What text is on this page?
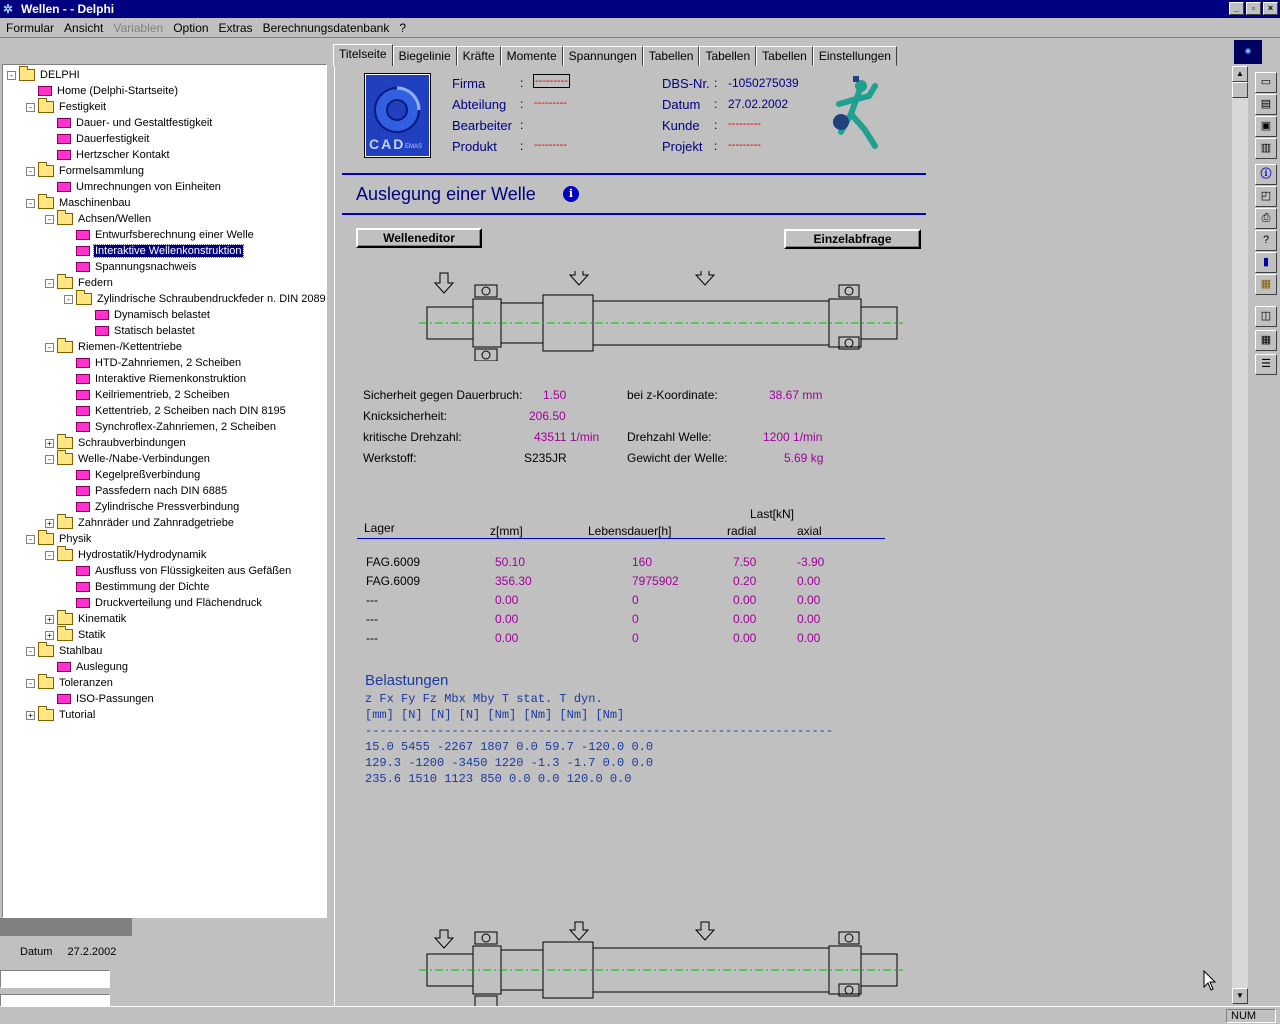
✲ Wellen - - Delphi	_	▫	×
Formular Ansicht Variablen Option Extras Berechnungsdatenbank ?
- DELPHI
Home (Delphi-Startseite)
- Festigkeit
Dauer- und Gestaltfestigkeit
Dauerfestigkeit
Hertzscher Kontakt
- Formelsammlung
Umrechnungen von Einheiten
- Maschinenbau
- Achsen/Wellen
Entwurfsberechnung einer Welle
Interaktive Wellenkonstruktion
Spannungsnachweis
- Federn
- Zylindrische Schraubendruckfeder n. DIN 2089
Dynamisch belastet
Statisch belastet
- Riemen-/Kettentriebe
HTD-Zahnriemen, 2 Scheiben
Interaktive Riemenkonstruktion
Keilriementrieb, 2 Scheiben
Kettentrieb, 2 Scheiben nach DIN 8195
Synchroflex-Zahnriemen, 2 Scheiben
+ Schraubverbindungen
- Welle-/Nabe-Verbindungen
Kegelpreßverbindung
Passfedern nach DIN 6885
Zylindrische Pressverbindung
+ Zahnräder und Zahnradgetriebe
- Physik
- Hydrostatik/Hydrodynamik
Ausfluss von Flüssigkeiten aus Gefäßen
Bestimmung der Dichte
Druckverteilung und Flächendruck
+ Kinematik
+ Statik
- Stahlbau
Auslegung
- Toleranzen
ISO-Passungen
+ Tutorial
Datum 27.2.2002
Titelseite	Biegelinie	Kräfte	Momente	Spannungen	Tabellen	Tabellen	Tabellen	Einstellungen	✺
CAD EMAS
Firma	: ---------
Abteilung : ---------
Bearbeiter :
Produkt : ---------
DBS-Nr. : -1050275039
Datum : 27.02.2002
Kunde : ---------
Projekt : ---------
Auslegung einer Welle	i
Welleneditor	Einzelabfrage
Sicherheit gegen Dauerbruch: 1.50	bei z-Koordinate:	38.67 mm
Knicksicherheit:	206.50
kritische Drehzahl:	43511 1/min Drehzahl Welle:	1200 1/min
Werkstoff:	S235JR	Gewicht der Welle:	5.69 kg
Last[kN]
Lager	z[mm]	Lebensdauer[h]	radial	axial
FAG.6009	50.10	160	7.50	-3.90
FAG.6009	356.30	7975902	0.20	0.00
---	0.00	0	0.00	0.00
---	0.00	0	0.00	0.00
---	0.00	0	0.00	0.00
Belastungen
z Fx Fy Fz Mbx Mby T stat. T dyn.
[mm] [N] [N] [N] [Nm] [Nm] [Nm] [Nm]
-----------------------------------------------------------------
15.0 5455 -2267 1807 0.0 59.7 -120.0 0.0
129.3 -1200 -3450 1220 -1.3 -1.7 0.0 0.0
235.6 1510 1123 850 0.0 0.0 120.0 0.0
▲
▼
▭
▤
▣
▥
ⓘ
◰
⎙
?
▮
▦
◫
▦
☰
NUM
